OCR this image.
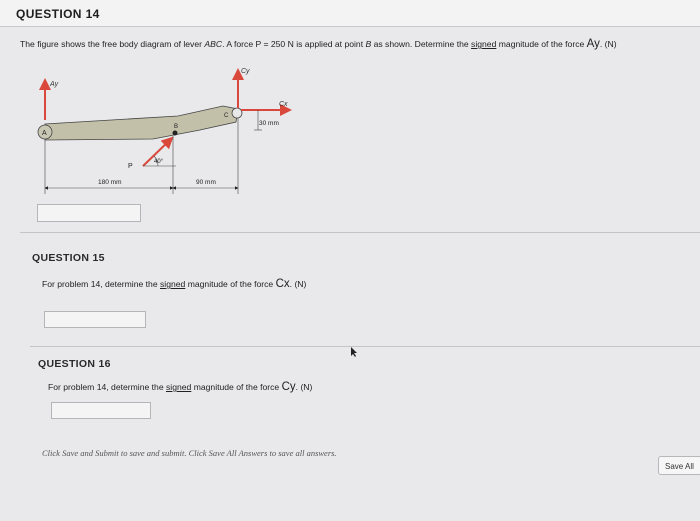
QUESTION 14
The figure shows the free body diagram of lever ABC. A force P = 250 N is applied at point B as shown. Determine the signed magnitude of the force Ay. (N)
Ay
A
B
C
Cy
Cx
30 mm
P
40°
180 mm	90 mm
QUESTION 15
For problem 14, determine the signed magnitude of the force Cx. (N)
QUESTION 16
For problem 14, determine the signed magnitude of the force Cy. (N)
Click Save and Submit to save and submit. Click Save All Answers to save all answers.
Save All
